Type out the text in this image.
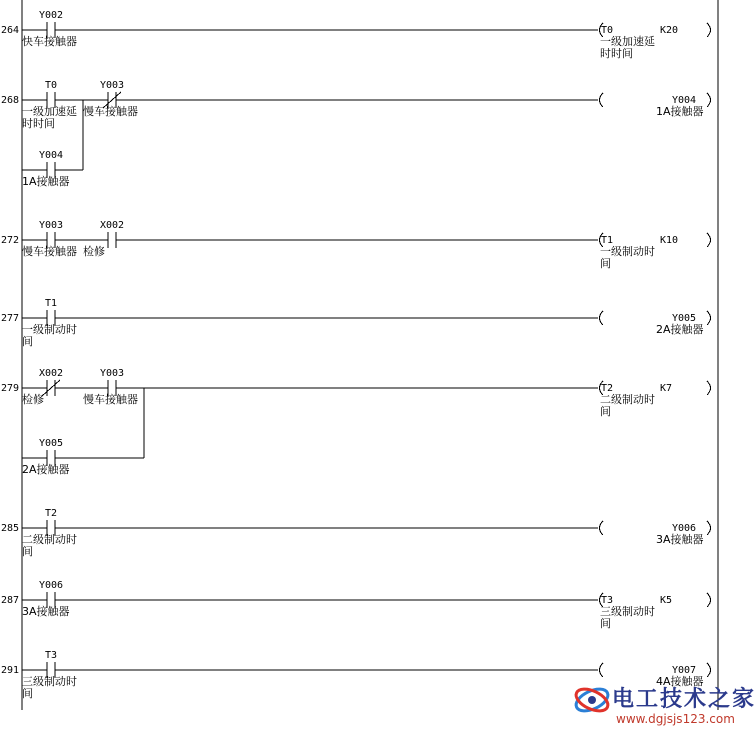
264
Y002
快车接触器
T0	K20
一级加速延
时时间
268
T0
一级加速延
时时间
Y003
慢车接触器
Y004
1A接触器
Y004
1A接触器
272
Y003
慢车接触器
X002
检修
T1	K10
一级制动时
间
277
T1
一级制动时
间
Y005
2A接触器
279
X002
检修
Y003
慢车接触器
Y005
2A接触器
T2	K7
二级制动时
间
285
T2
二级制动时
间
Y006
3A接触器
287
Y006
3A接触器
T3	K5
三级制动时
间
291
T3
三级制动时
间
Y007
4A接触器
电工技术之家
www.dgjsjs123.com
